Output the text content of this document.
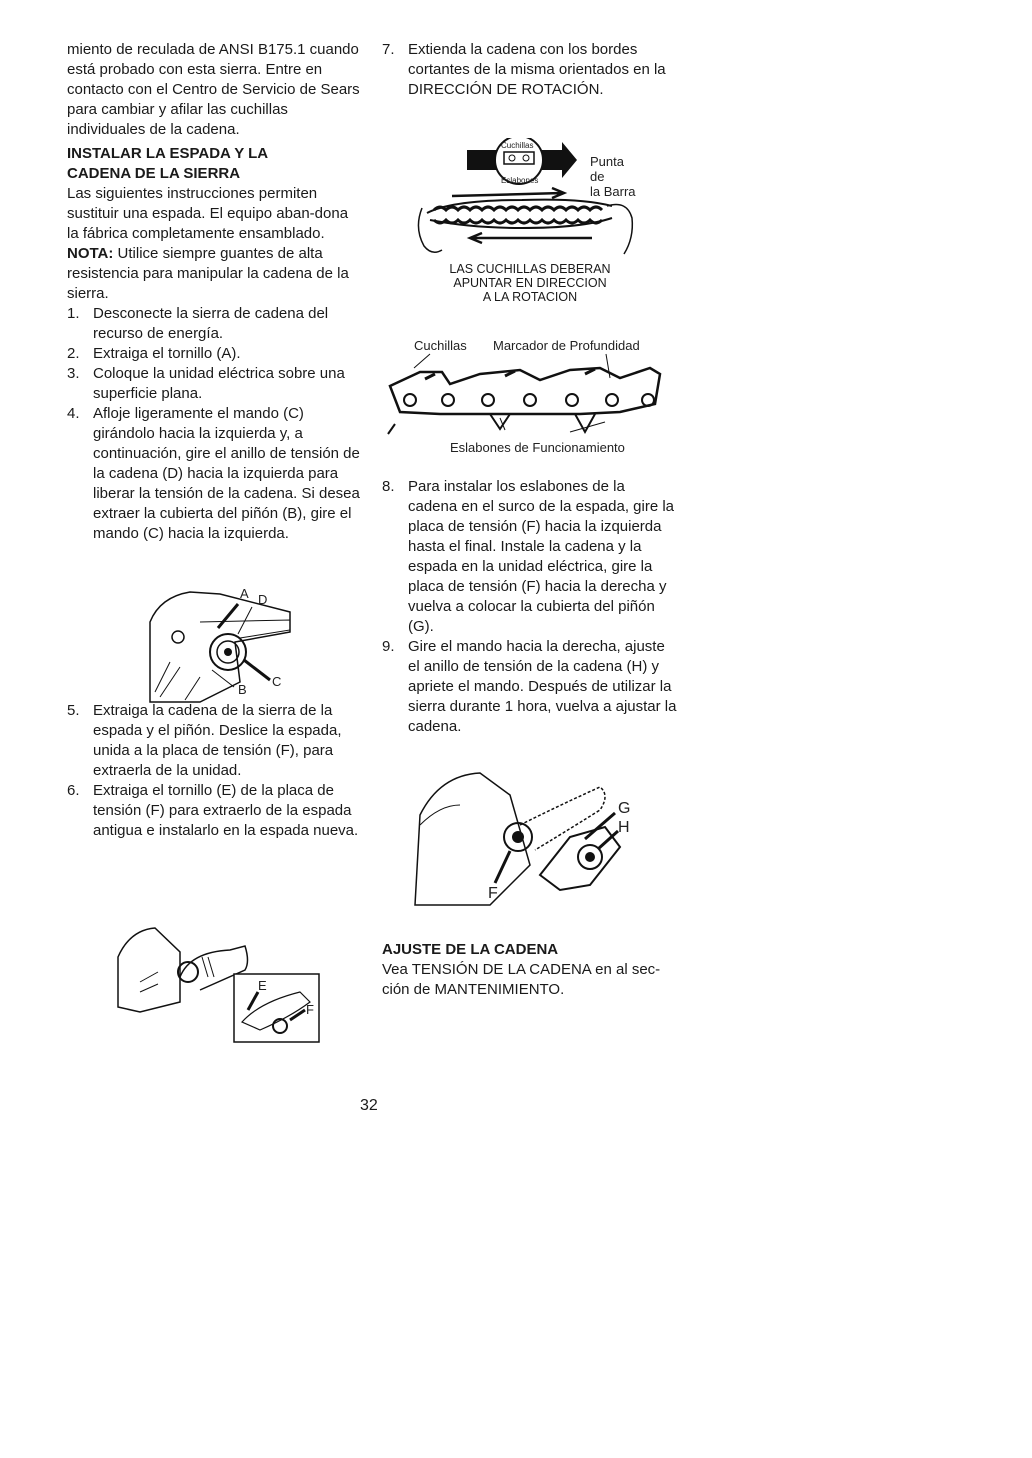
miento de reculada de ANSI B175.1 cuando está probado con esta sierra. Entre en contacto con el Centro de Servicio de Sears para cambiar y afilar las cuchillas individuales de la cadena.

INSTALAR LA ESPADA Y LA
CADENA DE LA SIERRA

Las siguientes instrucciones permiten sustituir una espada. El equipo aban-dona la fábrica completamente ensamblado.

NOTA: Utilice siempre guantes de alta resistencia para manipular la cadena de la sierra.

1. Desconecte la sierra de cadena del recurso de energía.
2. Extraiga el tornillo (A).
3. Coloque la unidad eléctrica sobre una superficie plana.
4. Afloje ligeramente el mando (C) girándolo hacia la izquierda y, a continuación, gire el anillo de tensión de la cadena (D) hacia la izquierda para liberar la tensión de la cadena. Si desea extraer la cubierta del piñón (B), gire el mando (C) hacia la izquierda.
5. Extraiga la cadena de la sierra de la espada y el piñón. Deslice la espada, unida a la placa de tensión (F), para extraerla de la unidad.
6. Extraiga el tornillo (E) de la placa de tensión (F) para extraerlo de la espada antigua e instalarlo en la espada nueva.
7. Extienda la cadena con los bordes cortantes de la misma orientados en la DIRECCIÓN DE ROTACIÓN.
8. Para instalar los eslabones de la cadena en el surco de la espada, gire la placa de tensión (F) hacia la izquierda hasta el final. Instale la cadena y la espada en la unidad eléctrica, gire la placa de tensión (F) hacia la derecha y vuelva a colocar la cubierta del piñón (G).
9. Gire el mando hacia la derecha, ajuste el anillo de tensión de la cadena (H) y apriete el mando. Después de utilizar la sierra durante 1 hora, vuelva a ajustar la cadena.
AJUSTE DE LA CADENA

Vea TENSIÓN DE LA CADENA en al sec-ción de MANTENIMIENTO.

Cuchillas
Eslabones
Punta de
la Barra
LAS CUCHILLAS DEBERAN
APUNTAR EN DIRECCION
A LA ROTACION
Cuchillas Marcador de Profundidad
Eslabones de Funcionamiento
A D
C
B
E
F
G
H
F
32
